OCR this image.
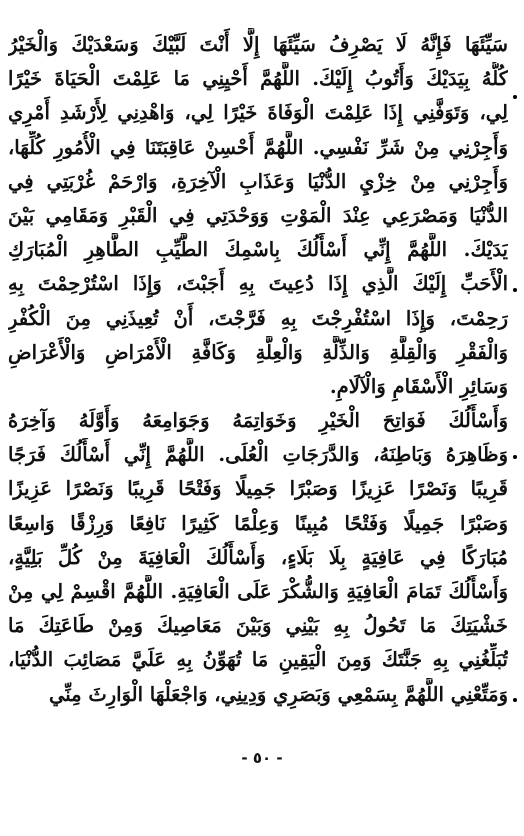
سَيِّئَهَا فَإِنَّهُ لَا يَصْرِفُ سَيِّئَهَا إِلَّا أَنْتَ لَبَّيْكَ وَسَعْدَيْكَ وَالْخَيْرُ
كُلُّهُ بِيَدَيْكَ وَأَتُوبُ إِلَيْكَ. اللَّهُمَّ أَحْيِنِي مَا عَلِمْتَ الْحَيَاةَ خَيْرًا
لِي، وَتَوَفَّنِي إِذَا عَلِمْتَ الْوَفَاةَ خَيْرًا لِي، وَاهْدِنِي لِأَرْشَدِ أَمْرِي
وَأَجِرْنِي مِنْ شَرِّ نَفْسِي. اللَّهُمَّ أَحْسِنْ عَاقِبَتَنَا فِي الْأُمُورِ كُلِّهَا،
وَأَجِرْنِي مِنْ خِزْيِ الدُّنْيَا وَعَذَابِ الْآخِرَةِ، وَارْحَمْ غُرْبَتِي فِي
الدُّنْيَا وَمَصْرَعِي عِنْدَ الْمَوْتِ وَوَحْدَتِي فِي الْقَبْرِ وَمَقَامِي بَيْنَ
يَدَيْكَ. اللَّهُمَّ إِنِّي أَسْأَلُكَ بِاسْمِكَ الطَّيِّبِ الطَّاهِرِ الْمُبَارَكِ
الْأَحَبِّ إِلَيْكَ الَّذِي إِذَا دُعِيتَ بِهِ أَجَبْتَ، وَإِذَا اسْتُرْحِمْتَ بِهِ
رَحِمْتَ، وَإِذَا اسْتُفْرِجْتَ بِهِ فَرَّجْتَ، أَنْ تُعِيذَنِي مِنَ الْكُفْرِ
وَالْفَقْرِ وَالْقِلَّةِ وَالذِّلَّةِ وَالْعِلَّةِ وَكَافَّةِ الْأَمْرَاضِ وَالْأَعْرَاضِ
وَسَائِرِ الْأَسْقَامِ وَالْآلَامِ.
وَأَسْأَلُكَ فَوَاتِحَ الْخَيْرِ وَخَوَاتِمَهُ وَجَوَامِعَهُ وَأَوَّلَهُ وَآخِرَهُ
وَظَاهِرَهُ وَبَاطِنَهُ، وَالدَّرَجَاتِ الْعُلَى. اللَّهُمَّ إِنِّي أَسْأَلُكَ فَرَجًا
قَرِيبًا وَنَصْرًا عَزِيزًا وَصَبْرًا جَمِيلًا وَفَتْحًا قَرِيبًا وَنَصْرًا عَزِيزًا
وَصَبْرًا جَمِيلًا وَفَتْحًا مُبِينًا وَعِلْمًا كَثِيرًا نَافِعًا وَرِزْقًا وَاسِعًا
مُبَارَكًا فِي عَافِيَةٍ بِلَا بَلَاءٍ، وَأَسْأَلُكَ الْعَافِيَةَ مِنْ كُلِّ بَلِيَّةٍ،
وَأَسْأَلُكَ تَمَامَ الْعَافِيَةِ وَالشُّكْرَ عَلَى الْعَافِيَةِ. اللَّهُمَّ اقْسِمْ لِي مِنْ
خَشْيَتِكَ مَا تَحُولُ بِهِ بَيْنِي وَبَيْنَ مَعَاصِيكَ وَمِنْ طَاعَتِكَ مَا
تُبَلِّغُنِي بِهِ جَنَّتَكَ وَمِنَ الْيَقِينِ مَا تُهَوِّنُ بِهِ عَلَيَّ مَصَائِبَ الدُّنْيَا،
وَمَتِّعْنِي اللَّهُمَّ بِسَمْعِي وَبَصَرِي وَدِينِي، وَاجْعَلْهَا الْوَارِثَ مِنِّي
- ٥٠ -
